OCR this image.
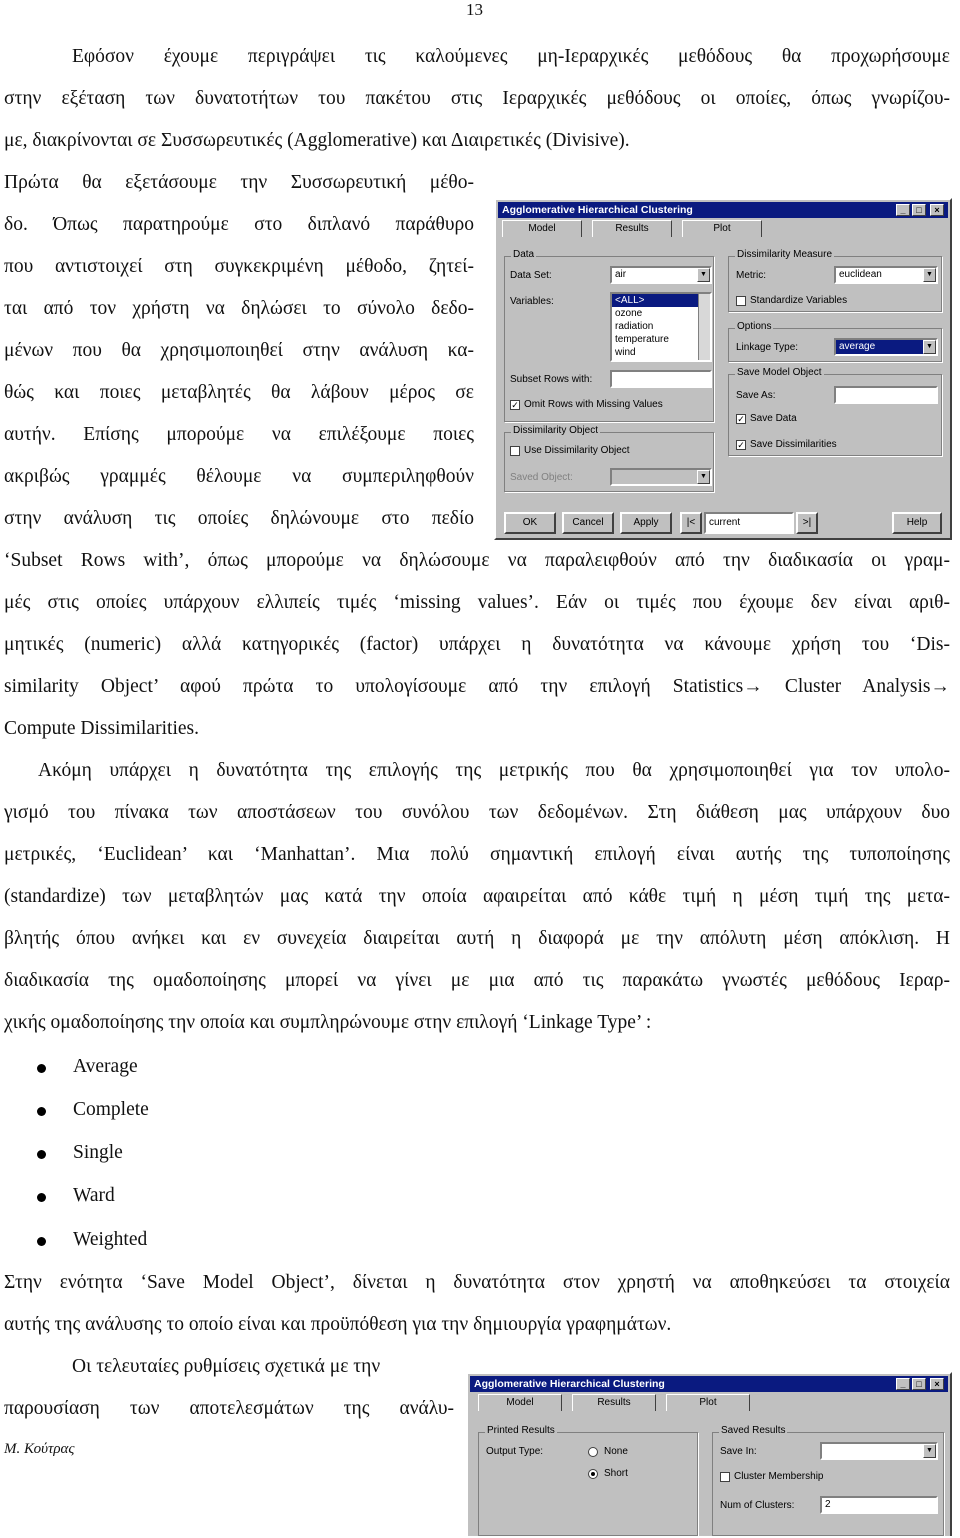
13
Εφόσον έχουμε περιγράψει τις καλούμενες μη-Ιεραρχικές μεθόδους θα προχωρήσουμε
στην εξέταση των δυνατοτήτων του πακέτου στις Ιεραρχικές μεθόδους οι οποίες, όπως γνωρίζου-
με, διακρίνονται σε Συσσωρευτικές (Agglomerative) και Διαιρετικές (Divisive).
Πρώτα θα εξετάσουμε την Συσσωρευτική μέθο-
δο. Όπως παρατηρούμε στο διπλανό παράθυρο
που αντιστοιχεί στη συγκεκριμένη μέθοδο, ζητεί-
ται από τον χρήστη να δηλώσει το σύνολο δεδο-
μένων που θα χρησιμοποιηθεί στην ανάλυση κα-
θώς και ποιες μεταβλητές θα λάβουν μέρος σε
αυτήν. Επίσης μπορούμε να επιλέξουμε ποιες
ακριβώς γραμμές θέλουμε να συμπεριληφθούν
στην ανάλυση τις οποίες δηλώνουμε στο πεδίο
‘Subset Rows with’, όπως μπορούμε να δηλώσουμε να παραλειφθούν από την διαδικασία οι γραμ-
μές στις οποίες υπάρχουν ελλιπείς τιμές ‘missing values’. Εάν οι τιμές που έχουμε δεν είναι αριθ-
μητικές (numeric) αλλά κατηγορικές (factor) υπάρχει η δυνατότητα να κάνουμε χρήση του ‘Dis-
similarity Object’ αφού πρώτα το υπολογίσουμε από την επιλογή Statistics→ Cluster Analysis→
Compute Dissimilarities.
Ακόμη υπάρχει η δυνατότητα της επιλογής της μετρικής που θα χρησιμοποιηθεί για τον υπολο-
γισμό του πίνακα των αποστάσεων του συνόλου των δεδομένων. Στη διάθεση μας υπάρχουν δυο
μετρικές, ‘Euclidean’ και ‘Manhattan’. Μια πολύ σημαντική επιλογή είναι αυτής της τυποποίησης
(standardize) των μεταβλητών μας κατά την οποία αφαιρείται από κάθε τιμή η μέση τιμή της μετα-
βλητής όπου ανήκει και εν συνεχεία διαιρείται αυτή η διαφορά με την απόλυτη μέση απόκλιση. Η
διαδικασία της ομαδοποίησης μπορεί να γίνει με μια από τις παρακάτω γνωστές μεθόδους Ιεραρ-
χικής ομαδοποίησης την οποία και συμπληρώνουμε στην επιλογή ‘Linkage Type’ :
Average
Complete
Single
Ward
Weighted
Στην ενότητα ‘Save Model Object’, δίνεται η δυνατότητα στον χρηστή να αποθηκεύσει τα στοιχεία
αυτής της ανάλυσης το οποίο είναι και προϋπόθεση για την δημιουργία γραφημάτων.
Οι τελευταίες ρυθμίσεις σχετικά με την
παρουσίαση των αποτελεσμάτων της ανάλυ-
Μ. Κούτρας
Agglomerative Hierarchical Clustering	_	□	×
Model	Results	Plot
Data
Data Set:	air	▼
Variables:	<ALL>
ozone
radiation
temperature
wind
Subset Rows with:
✓ Omit Rows with Missing Values
Dissimilarity Object
Use Dissimilarity Object
Saved Object:	▼
Dissimilarity Measure
Metric:	euclidean	▼
Standardize Variables
Options
Linkage Type:	average	▼
Save Model Object
Save As:
✓ Save Data
✓ Save Dissimilarities
OK	Cancel	Apply	|<	current	>|	Help
Agglomerative Hierarchical Clustering	_	□	×
Model	Results	Plot
Printed Results
Output Type:	None
Short
Saved Results
Save In:	▼
Cluster Membership
Num of Clusters:	2
